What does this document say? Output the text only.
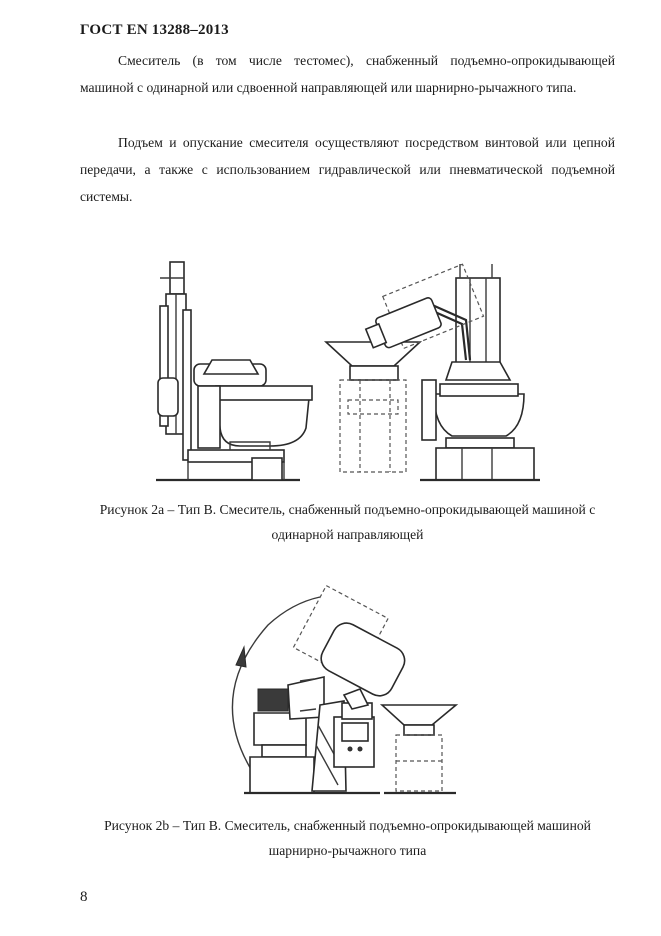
ГОСТ EN 13288–2013

Смеситель (в том числе тестомес), снабженный подъемно-опрокидывающей машиной с одинарной или сдвоенной направляющей или шарнирно-рычажного типа.

Подъем и опускание смесителя осуществляют посредством винтовой или цепной передачи, а также с использованием гидравлической или пневматической подъемной системы.

Рисунок 2a – Тип B. Смеситель, снабженный подъемно-опрокидывающей машиной с одинарной направляющей

Рисунок 2b – Тип B. Смеситель, снабженный подъемно-опрокидывающей машиной шарнирно-рычажного типа

8
